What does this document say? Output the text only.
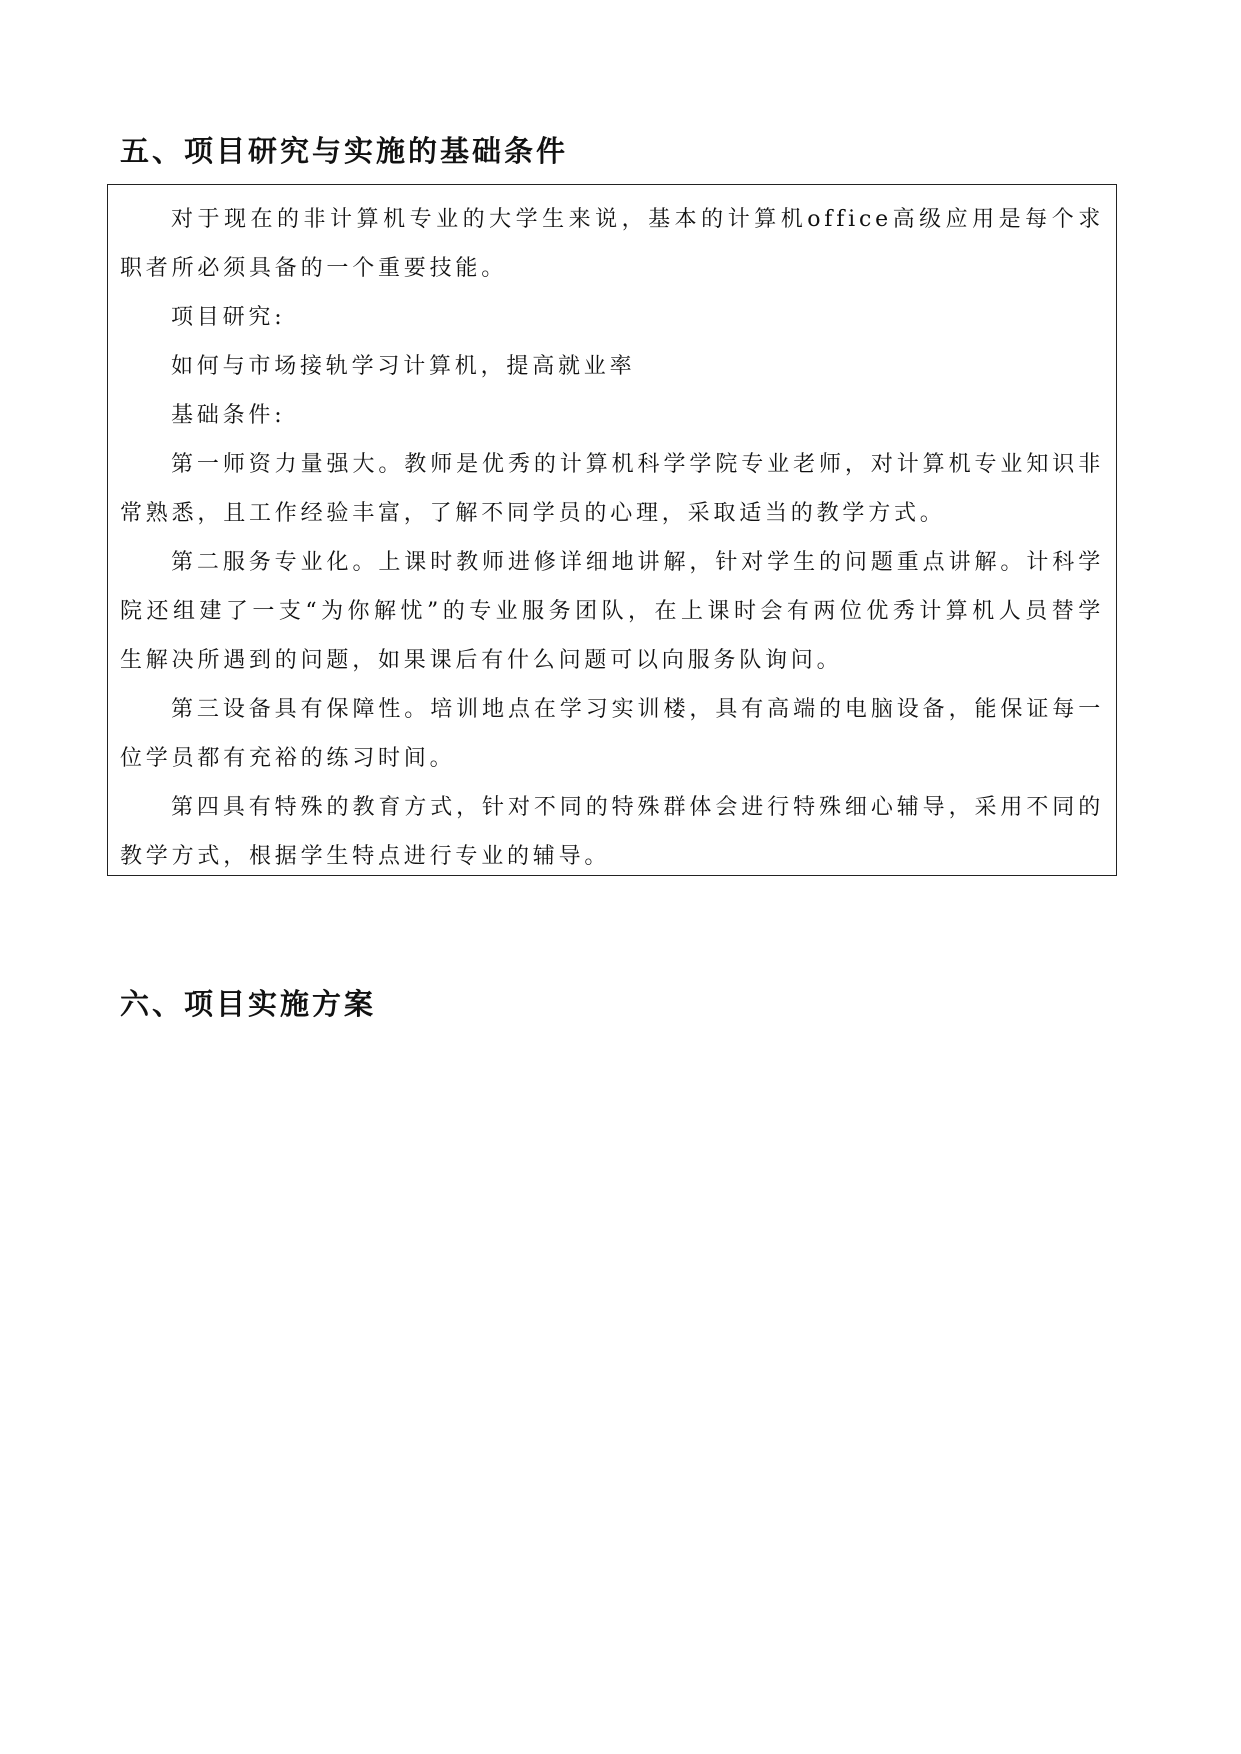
五、项目研究与实施的基础条件

对于现在的非计算机专业的大学生来说，基本的计算机office高级应用是每个求职者所必须具备的一个重要技能。

项目研究:

如何与市场接轨学习计算机，提高就业率

基础条件:

第一师资力量强大。教师是优秀的计算机科学学院专业老师，对计算机专业知识非常熟悉，且工作经验丰富，了解不同学员的心理，采取适当的教学方式。

第二服务专业化。上课时教师进修详细地讲解，针对学生的问题重点讲解。计科学院还组建了一支“为你解忧”的专业服务团队，在上课时会有两位优秀计算机人员替学生解决所遇到的问题，如果课后有什么问题可以向服务队询问。

第三设备具有保障性。培训地点在学习实训楼，具有高端的电脑设备，能保证每一位学员都有充裕的练习时间。

第四具有特殊的教育方式，针对不同的特殊群体会进行特殊细心辅导，采用不同的教学方式，根据学生特点进行专业的辅导。

六、项目实施方案
